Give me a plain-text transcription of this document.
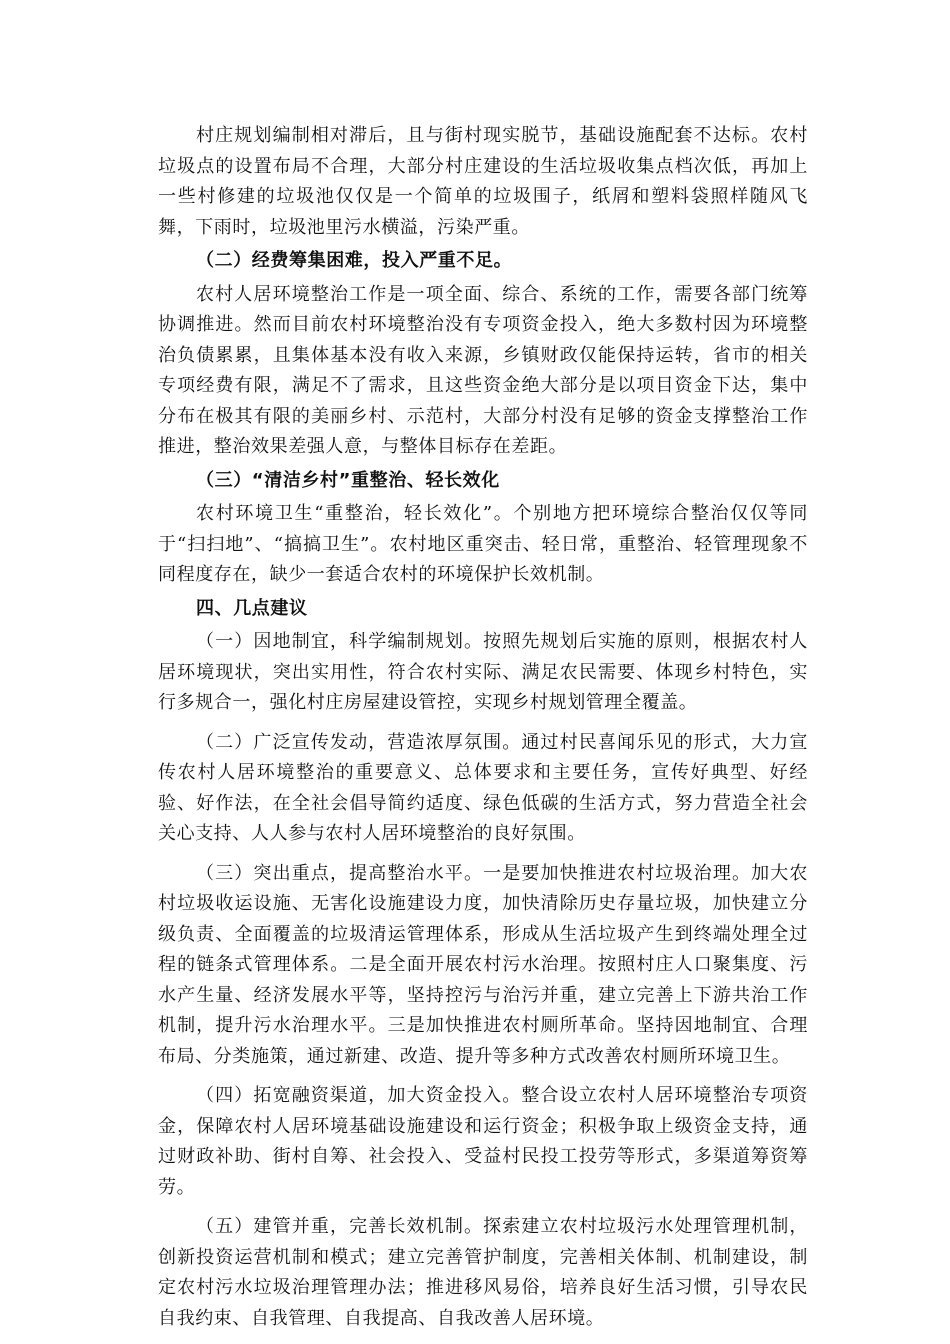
村庄规划编制相对滞后，且与街村现实脱节，基础设施配套不达标。农村垃圾点的设置布局不合理，大部分村庄建设的生活垃圾收集点档次低，再加上一些村修建的垃圾池仅仅是一个简单的垃圾围子，纸屑和塑料袋照样随风飞舞，下雨时，垃圾池里污水横溢，污染严重。

（二）经费筹集困难，投入严重不足。

农村人居环境整治工作是一项全面、综合、系统的工作，需要各部门统筹协调推进。然而目前农村环境整治没有专项资金投入，绝大多数村因为环境整治负债累累，且集体基本没有收入来源，乡镇财政仅能保持运转，省市的相关专项经费有限，满足不了需求，且这些资金绝大部分是以项目资金下达，集中分布在极其有限的美丽乡村、示范村，大部分村没有足够的资金支撑整治工作推进，整治效果差强人意，与整体目标存在差距。

（三）“清洁乡村”重整治、轻长效化

农村环境卫生“重整治，轻长效化”。个别地方把环境综合整治仅仅等同于“扫扫地”、“搞搞卫生”。农村地区重突击、轻日常，重整治、轻管理现象不同程度存在，缺少一套适合农村的环境保护长效机制。

四、几点建议

（一）因地制宜，科学编制规划。按照先规划后实施的原则，根据农村人居环境现状，突出实用性，符合农村实际、满足农民需要、体现乡村特色，实行多规合一，强化村庄房屋建设管控，实现乡村规划管理全覆盖。

（二）广泛宣传发动，营造浓厚氛围。通过村民喜闻乐见的形式，大力宣传农村人居环境整治的重要意义、总体要求和主要任务，宣传好典型、好经验、好作法，在全社会倡导简约适度、绿色低碳的生活方式，努力营造全社会关心支持、人人参与农村人居环境整治的良好氛围。

（三）突出重点，提高整治水平。一是要加快推进农村垃圾治理。加大农村垃圾收运设施、无害化设施建设力度，加快清除历史存量垃圾，加快建立分级负责、全面覆盖的垃圾清运管理体系，形成从生活垃圾产生到终端处理全过程的链条式管理体系。二是全面开展农村污水治理。按照村庄人口聚集度、污水产生量、经济发展水平等，坚持控污与治污并重，建立完善上下游共治工作机制，提升污水治理水平。三是加快推进农村厕所革命。坚持因地制宜、合理布局、分类施策，通过新建、改造、提升等多种方式改善农村厕所环境卫生。

（四）拓宽融资渠道，加大资金投入。整合设立农村人居环境整治专项资金，保障农村人居环境基础设施建设和运行资金；积极争取上级资金支持，通过财政补助、街村自筹、社会投入、受益村民投工投劳等形式，多渠道筹资筹劳。

（五）建管并重，完善长效机制。探索建立农村垃圾污水处理管理机制，创新投资运营机制和模式；建立完善管护制度，完善相关体制、机制建设，制定农村污水垃圾治理管理办法；推进移风易俗，培养良好生活习惯，引导农民自我约束、自我管理、自我提高、自我改善人居环境。
